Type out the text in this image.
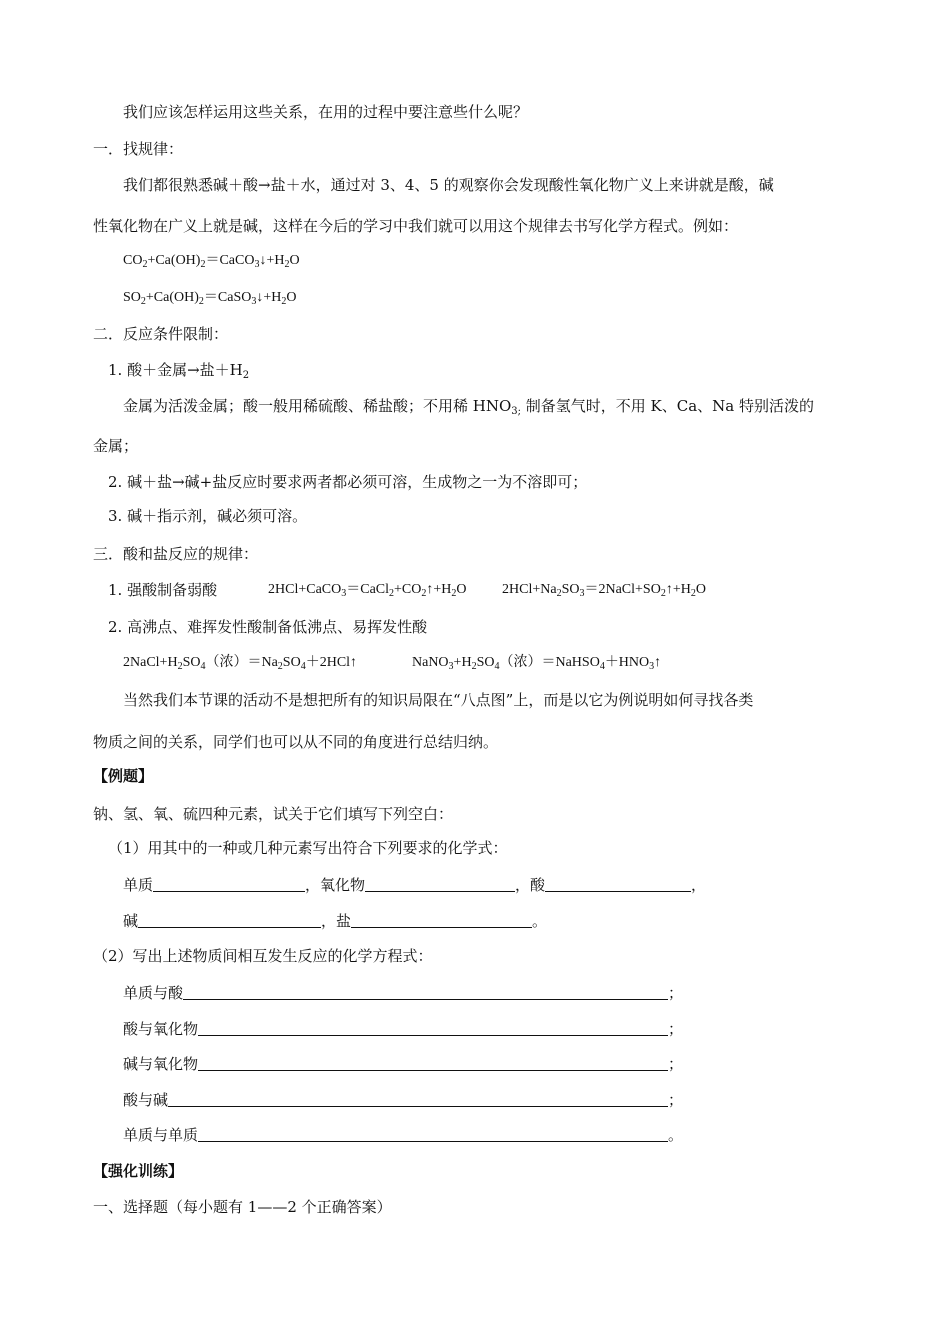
我们应该怎样运用这些关系，在用的过程中要注意些什么呢？
一．找规律：
我们都很熟悉碱＋酸→盐＋水，通过对 3、4、5 的观察你会发现酸性氧化物广义上来讲就是酸，碱
性氧化物在广义上就是碱，这样在今后的学习中我们就可以用这个规律去书写化学方程式。例如：
$CO_2+Ca(OH)_2=CaCO_3↓+H_2O$
$SO_2+Ca(OH)_2=CaSO_3↓+H_2O$
二．反应条件限制：
1. 酸＋金属→盐$+H_2$
金属为活泼金属；酸一般用稀硫酸、稀盐酸；不用稀 $HNO_{3;}$ 制备氢气时，不用 K、Ca、Na 特别活泼的
金属；
2. 碱＋盐→碱+盐反应时要求两者都必须可溶，生成物之一为不溶即可；
3. 碱＋指示剂，碱必须可溶。
三．酸和盐反应的规律：
1. 强酸制备弱酸	$2HCl+CaCO_3=CaCl_2+CO_2↑+H_2O$	$2HCl+Na_2SO_3=2NaCl+SO_2↑+H_2O$
2. 高沸点、难挥发性酸制备低沸点、易挥发性酸
$2NaCl+H_2SO_4$（浓）$=Na_2SO_4+2HCl↑$	$NaNO_3+H_2SO_4$（浓）$=NaHSO_4+HNO_3↑$
当然我们本节课的活动不是想把所有的知识局限在“八点图”上，而是以它为例说明如何寻找各类
物质之间的关系，同学们也可以从不同的角度进行总结归纳。
【例题】
钠、氢、氧、硫四种元素，试关于它们填写下列空白：
（1）用其中的一种或几种元素写出符合下列要求的化学式：
单质	，氧化物	，酸	，
碱	，盐	。
（2）写出上述物质间相互发生反应的化学方程式：
单质与酸	；
酸与氧化物	；
碱与氧化物	；
酸与碱	；
单质与单质	。
【强化训练】
一、选择题（每小题有 1——2 个正确答案）
